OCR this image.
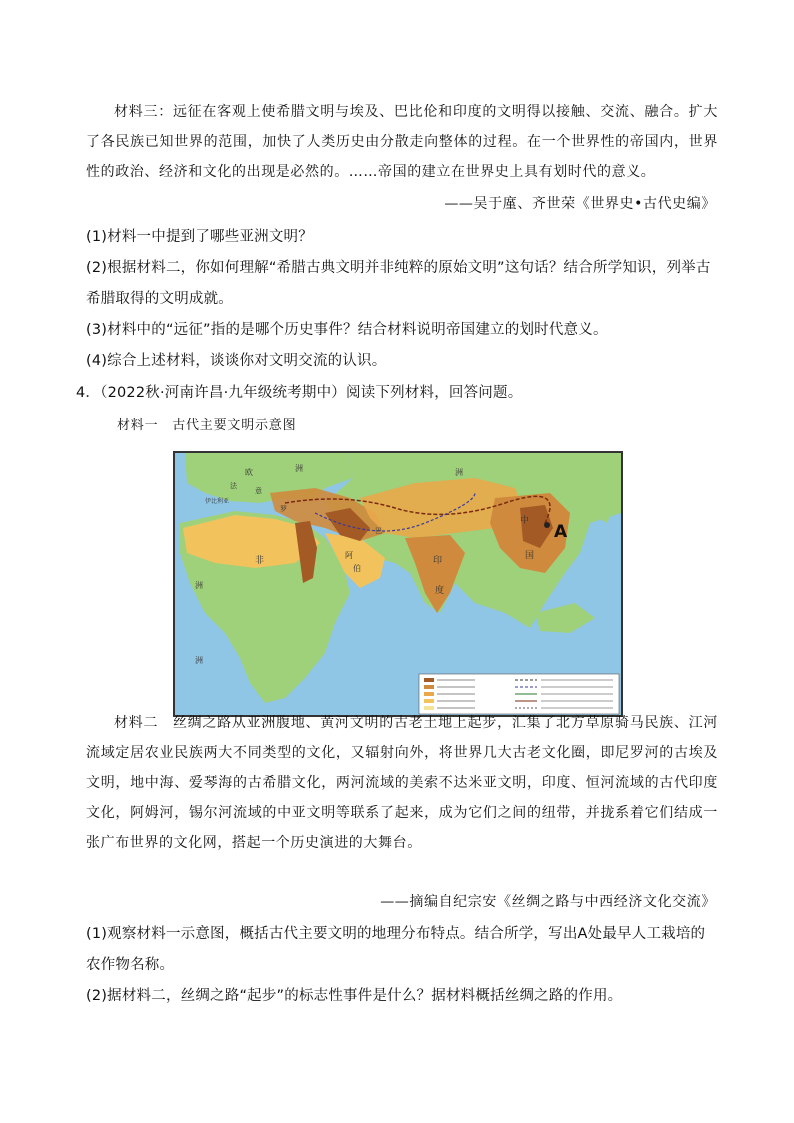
材料三：远征在客观上使希腊文明与埃及、巴比伦和印度的文明得以接触、交流、融合。扩大了各民族已知世界的范围，加快了人类历史由分散走向整体的过程。在一个世界性的帝国内，世界性的政治、经济和文化的出现是必然的。……帝国的建立在世界史上具有划时代的意义。
——吴于廑、齐世荣《世界史•古代史编》
(1)材料一中提到了哪些亚洲文明？
(2)根据材料二，你如何理解“希腊古典文明并非纯粹的原始文明”这句话？结合所学知识，列举古希腊取得的文明成就。
(3)材料中的“远征”指的是哪个历史事件？结合材料说明帝国建立的划时代意义。
(4)综合上述材料，谈谈你对文明交流的认识。
4．（2022秋·河南许昌·九年级统考期中）阅读下列材料，回答问题。
材料一　古代主要文明示意图
A
洲
欧
罗
伊比利亚
法
意
阿
伯
非
巴
印
度
中
国
洲
洲
洲
材料二　丝绸之路从亚洲腹地、黄河文明的古老土地上起步，汇集了北方草原骑马民族、江河流域定居农业民族两大不同类型的文化，又辐射向外，将世界几大古老文化圈，即尼罗河的古埃及文明，地中海、爱琴海的古希腊文化，两河流域的美索不达米亚文明，印度、恒河流域的古代印度文化，阿姆河，锡尔河流域的中亚文明等联系了起来，成为它们之间的纽带，并拢系着它们结成一张广布世界的文化网，搭起一个历史演进的大舞台。
——摘编自纪宗安《丝绸之路与中西经济文化交流》
(1)观察材料一示意图，概括古代主要文明的地理分布特点。结合所学，写出A处最早人工栽培的农作物名称。
(2)据材料二，丝绸之路“起步”的标志性事件是什么？据材料概括丝绸之路的作用。
